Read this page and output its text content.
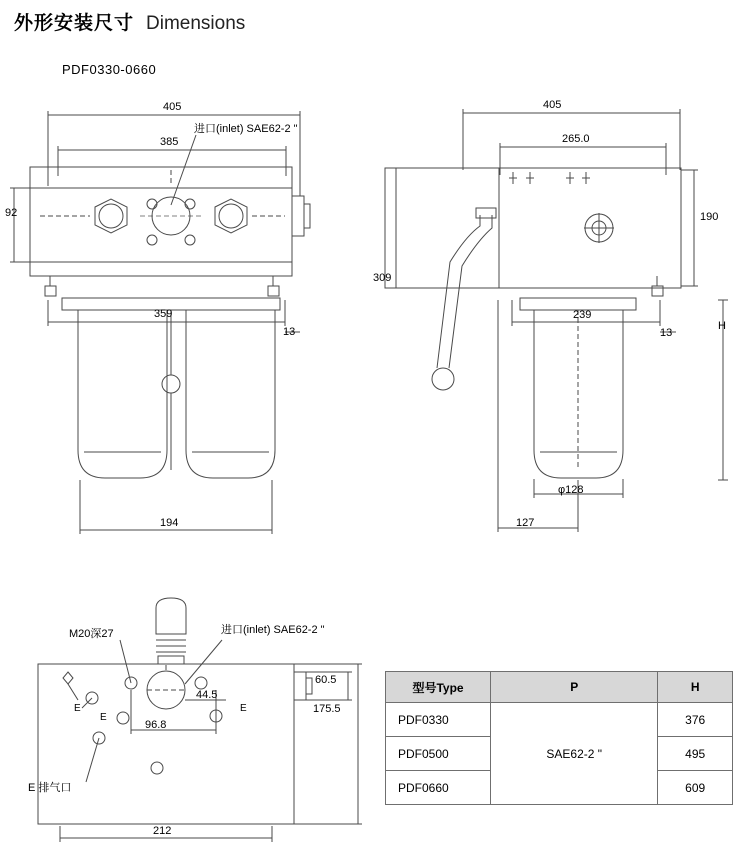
外形安装尺寸 Dimensions
PDF0330-0660
405
385
92
359
13
194
进口(inlet) SAE62-2 "
405
265.0
190
309
239
13
127
φ128
H
M20深27	进口(inlet) SAE62-2 "
E 排气口
E
E
E
60.5
175.5
44.5
96.8
212
型号Type	P	H
PDF0330	SAE62-2 "	376
PDF0500		495
PDF0660		609
